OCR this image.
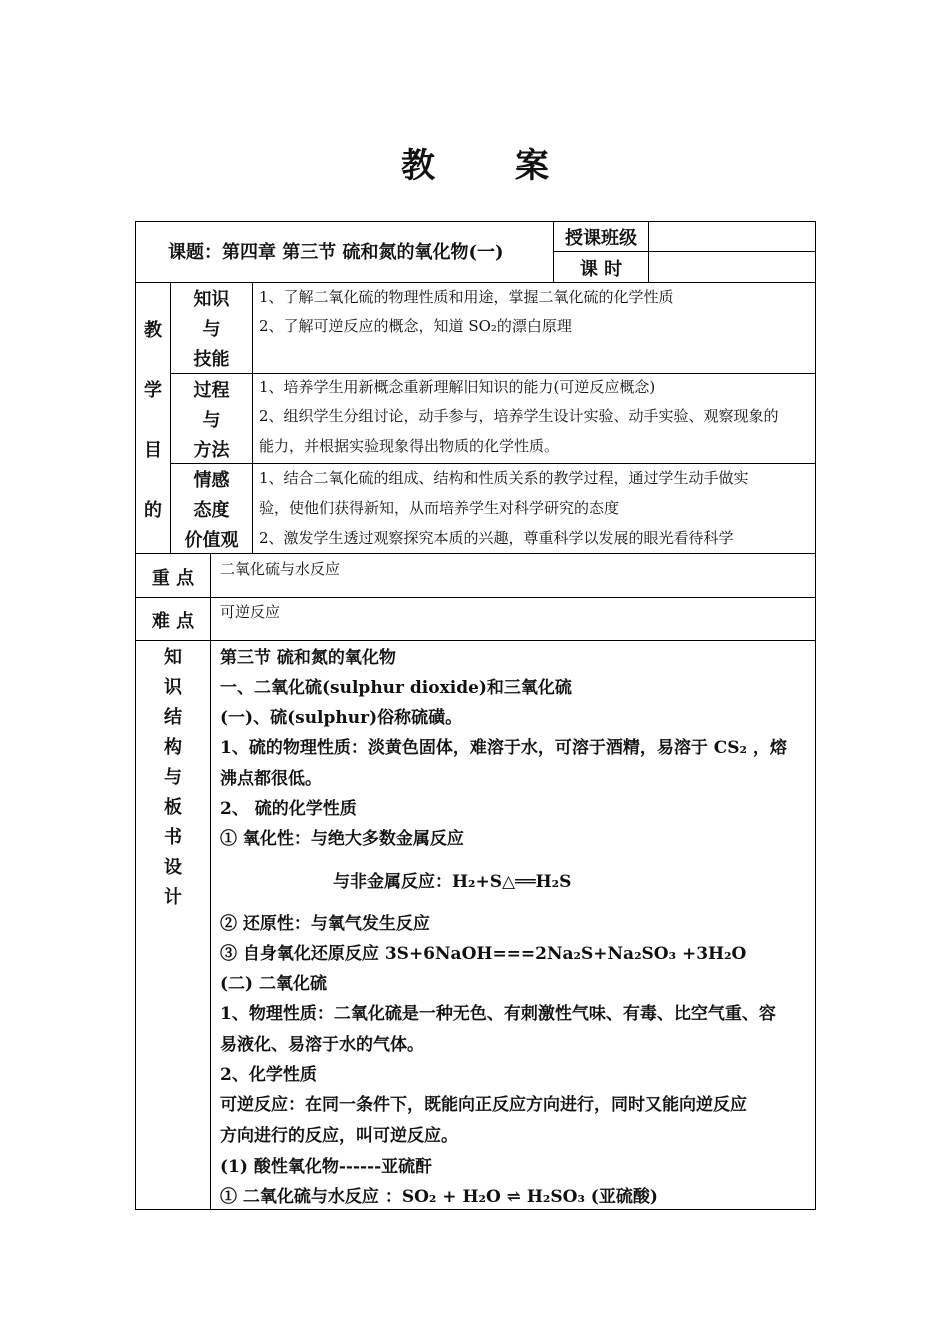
教 案
课题：第四章 第三节 硫和氮的氧化物(一)
授课班级
课 时
教
学
目
的
知识
与
技能
1、了解二氧化硫的物理性质和用途，掌握二氧化硫的化学性质
2、了解可逆反应的概念，知道 SO₂的漂白原理
过程
与
方法
1、培养学生用新概念重新理解旧知识的能力(可逆反应概念)
2、组织学生分组讨论，动手参与，培养学生设计实验、动手实验、观察现象的
能力，并根据实验现象得出物质的化学性质。
情感
态度
价值观
1、结合二氧化硫的组成、结构和性质关系的教学过程，通过学生动手做实
验，使他们获得新知，从而培养学生对科学研究的态度
2、激发学生透过观察探究本质的兴趣，尊重科学以发展的眼光看待科学
重 点	二氧化硫与水反应
难 点	可逆反应
知
识
结
构
与
板
书
设
计
第三节 硫和氮的氧化物
一、二氧化硫(sulphur dioxide)和三氧化硫
(一)、硫(sulphur)俗称硫磺。
1、硫的物理性质：淡黄色固体，难溶于水，可溶于酒精，易溶于 CS₂ ，熔
沸点都很低。
2、 硫的化学性质
① 氧化性：与绝大多数金属反应
与非金属反应：H₂+S△══H₂S
② 还原性：与氧气发生反应
③ 自身氧化还原反应 3S+6NaOH===2Na₂S+Na₂SO₃ +3H₂O
(二) 二氧化硫
1、物理性质：二氧化硫是一种无色、有刺激性气味、有毒、比空气重、容
易液化、易溶于水的气体。
2、化学性质
可逆反应：在同一条件下，既能向正反应方向进行，同时又能向逆反应
方向进行的反应，叫可逆反应。
(1) 酸性氧化物------亚硫酐
① 二氧化硫与水反应 ：SO₂ + H₂O ⇌ H₂SO₃ (亚硫酸)
